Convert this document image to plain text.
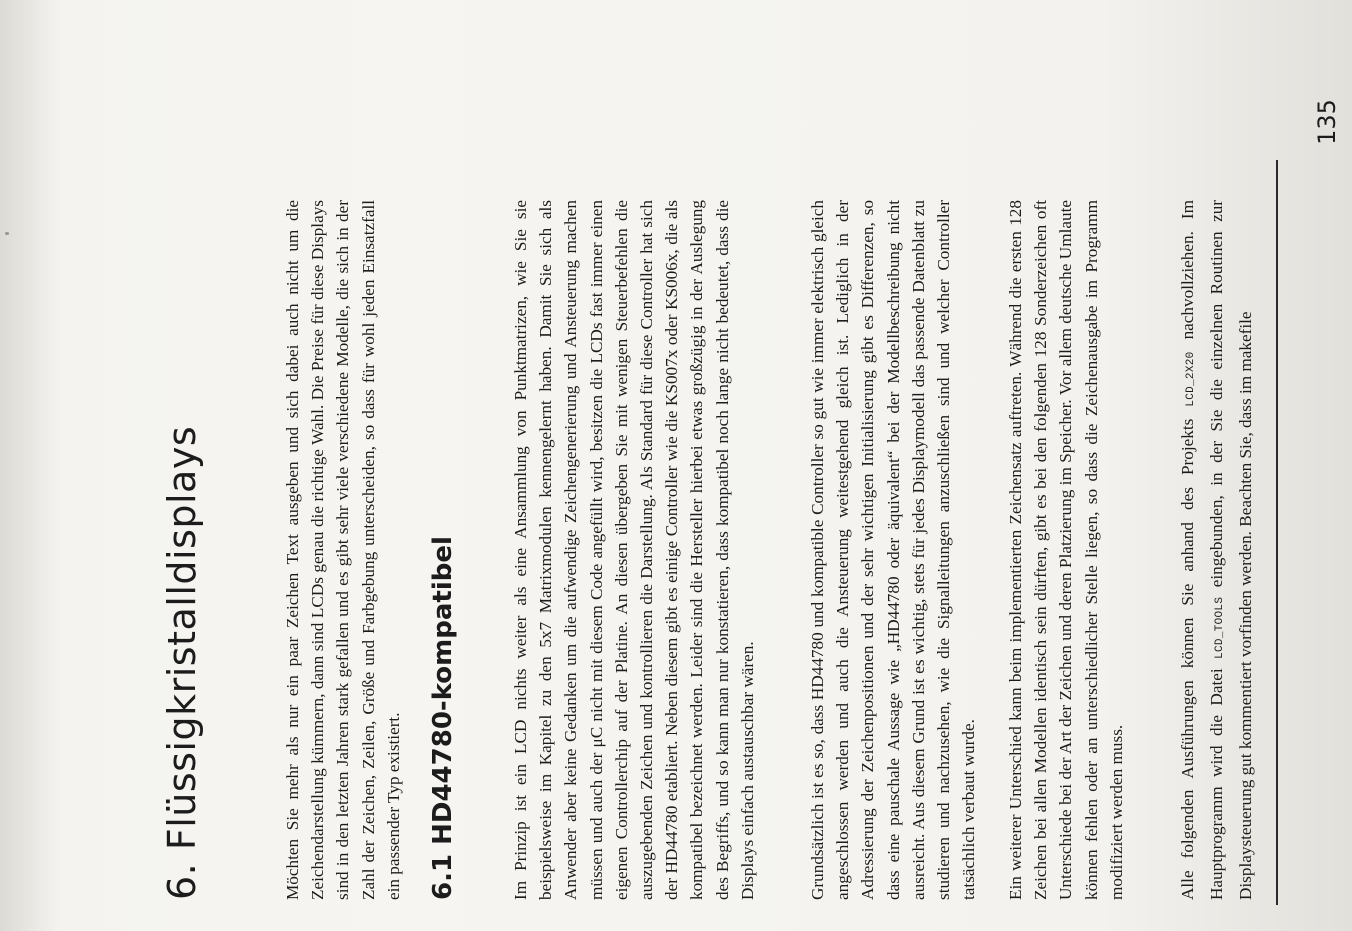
6. Flüssigkristalldisplays	Möchten Sie mehr als nur ein paar Zeichen Text ausgeben und sich dabei auch nicht um die Zeichendarstellung kümmern, dann sind LCDs genau die richtige Wahl. Die Preise für diese Displays sind in den letzten Jahren stark gefallen und es gibt sehr viele verschiedene Modelle, die sich in der Zahl der Zeichen, Zeilen, Größe und Farbgebung unterscheiden, so dass für wohl jeden Einsatzfall ein passender Typ existiert. 6.1 HD44780-kompatibel	Im Prinzip ist ein LCD nichts weiter als eine Ansammlung von Punktmatrizen, wie Sie sie beispielsweise im Kapitel zu den 5x7 Matrixmodulen kennengelernt haben. Damit Sie sich als Anwender aber keine Gedanken um die aufwendige Zeichengenerierung und Ansteuerung machen müssen und auch der μC nicht mit diesem Code angefüllt wird, besitzen die LCDs fast immer einen eigenen Controllerchip auf der Platine. An diesen übergeben Sie mit wenigen Steuerbefehlen die auszugebenden Zeichen und kontrollieren die Darstellung. Als Standard für diese Controller hat sich der HD44780 etabliert. Neben diesem gibt es einige Controller wie die KS007x oder KS006x, die als kompatibel bezeichnet werden. Leider sind die Hersteller hierbei etwas großzügig in der Auslegung des Begriffs, und so kann man nur konstatieren, dass kompatibel noch lange nicht bedeutet, dass die Displays einfach austauschbar wären.	Grundsätzlich ist es so, dass HD44780 und kompatible Controller so gut wie immer elektrisch gleich angeschlossen werden und auch die Ansteuerung weitestgehend gleich ist. Lediglich in der Adressierung der Zeichenpositionen und der sehr wichtigen Initialisierung gibt es Differenzen, so dass eine pauschale Aussage wie „HD44780 oder äquivalent“ bei der Modellbeschreibung nicht ausreicht. Aus diesem Grund ist es wichtig, stets für jedes Displaymodell das passende Datenblatt zu studieren und nachzusehen, wie die Signalleitungen anzuschließen sind und welcher Controller tatsächlich verbaut wurde. Ein weiterer Unterschied kann beim implementierten Zeichensatz auftreten. Während die ersten 128 Zeichen bei allen Modellen identisch sein dürften, gibt es bei den folgenden 128 Sonderzeichen oft Unterschiede bei der Art der Zeichen und deren Platzierung im Speicher. Vor allem deutsche Umlaute können fehlen oder an unterschiedlicher Stelle liegen, so dass die Zeichenausgabe im Programm modifiziert werden muss.	Alle folgenden Ausführungen können Sie anhand des Projekts LCD_2X20 nachvollziehen. Im Hauptprogramm wird die Datei LCD_TOOLS eingebunden, in der Sie die einzelnen Routinen zur Displaysteuerung gut kommentiert vorfinden werden. Beachten Sie, dass im makefile

135
